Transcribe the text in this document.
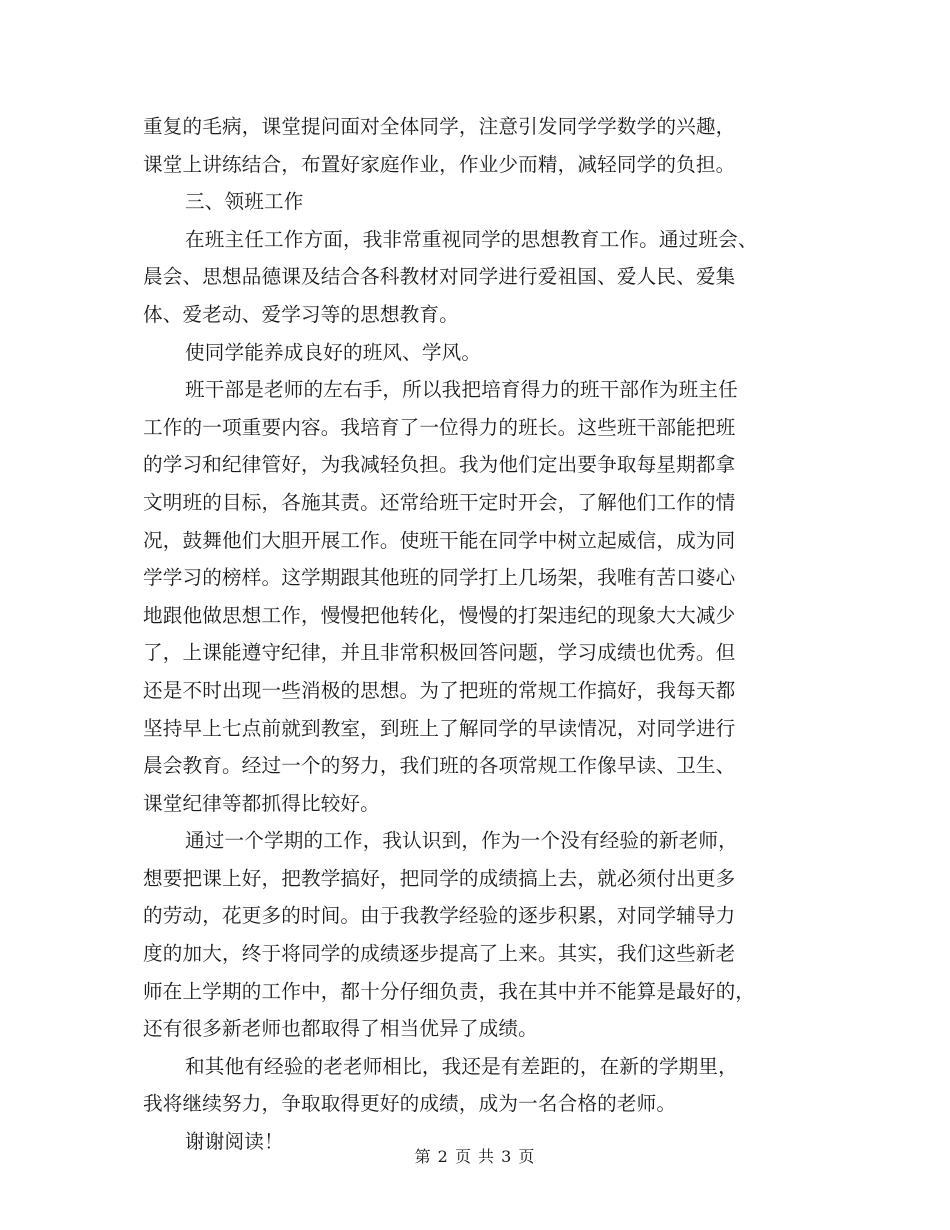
重复的毛病，课堂提问面对全体同学，注意引发同学学数学的兴趣，
课堂上讲练结合，布置好家庭作业，作业少而精，减轻同学的负担。
三、领班工作
在班主任工作方面，我非常重视同学的思想教育工作。通过班会、
晨会、思想品德课及结合各科教材对同学进行爱祖国、爱人民、爱集
体、爱老动、爱学习等的思想教育。
使同学能养成良好的班风、学风。
班干部是老师的左右手，所以我把培育得力的班干部作为班主任
工作的一项重要内容。我培育了一位得力的班长。这些班干部能把班
的学习和纪律管好，为我减轻负担。我为他们定出要争取每星期都拿
文明班的目标，各施其责。还常给班干定时开会，了解他们工作的情
况，鼓舞他们大胆开展工作。使班干能在同学中树立起威信，成为同
学学习的榜样。这学期跟其他班的同学打上几场架，我唯有苦口婆心
地跟他做思想工作，慢慢把他转化，慢慢的打架违纪的现象大大减少
了，上课能遵守纪律，并且非常积极回答问题，学习成绩也优秀。但
还是不时出现一些消极的思想。为了把班的常规工作搞好，我每天都
坚持早上七点前就到教室，到班上了解同学的早读情况，对同学进行
晨会教育。经过一个的努力，我们班的各项常规工作像早读、卫生、
课堂纪律等都抓得比较好。
通过一个学期的工作，我认识到，作为一个没有经验的新老师，
想要把课上好，把教学搞好，把同学的成绩搞上去，就必须付出更多
的劳动，花更多的时间。由于我教学经验的逐步积累，对同学辅导力
度的加大，终于将同学的成绩逐步提高了上来。其实，我们这些新老
师在上学期的工作中，都十分仔细负责，我在其中并不能算是最好的，
还有很多新老师也都取得了相当优异了成绩。
和其他有经验的老老师相比，我还是有差距的，在新的学期里，
我将继续努力，争取取得更好的成绩，成为一名合格的老师。
谢谢阅读！
第 2 页 共 3 页
